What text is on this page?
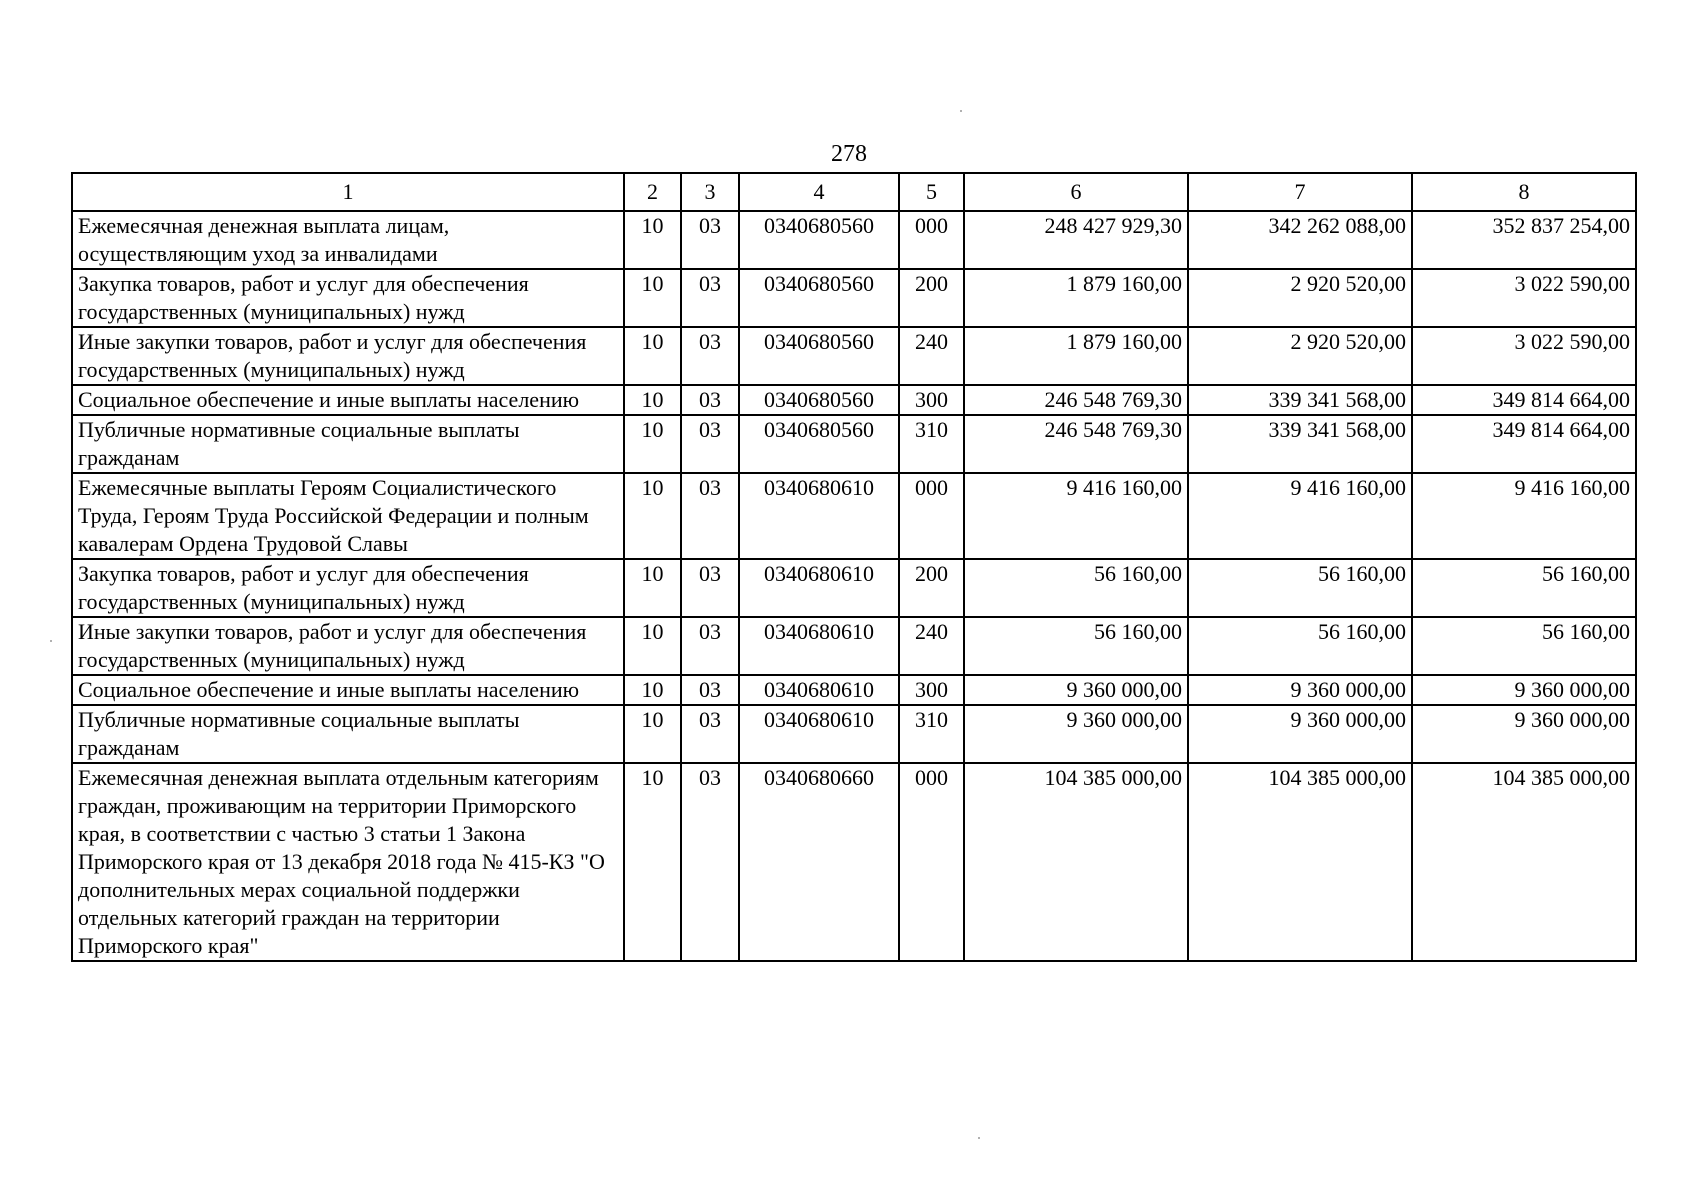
278
1	2	3	4	5	6	7	8
Ежемесячная денежная выплата лицам, осуществляющим уход за инвалидами	10	03	0340680560	000	248 427 929,30	342 262 088,00	352 837 254,00
Закупка товаров, работ и услуг для обеспечения государственных (муниципальных) нужд	10	03	0340680560	200	1 879 160,00	2 920 520,00	3 022 590,00
Иные закупки товаров, работ и услуг для обеспечения государственных (муниципальных) нужд	10	03	0340680560	240	1 879 160,00	2 920 520,00	3 022 590,00
Социальное обеспечение и иные выплаты населению	10	03	0340680560	300	246 548 769,30	339 341 568,00	349 814 664,00
Публичные нормативные социальные выплаты гражданам	10	03	0340680560	310	246 548 769,30	339 341 568,00	349 814 664,00
Ежемесячные выплаты Героям Социалистического Труда, Героям Труда Российской Федерации и полным кавалерам Ордена Трудовой Славы	10	03	0340680610	000	9 416 160,00	9 416 160,00	9 416 160,00
Закупка товаров, работ и услуг для обеспечения государственных (муниципальных) нужд	10	03	0340680610	200	56 160,00	56 160,00	56 160,00
Иные закупки товаров, работ и услуг для обеспечения государственных (муниципальных) нужд	10	03	0340680610	240	56 160,00	56 160,00	56 160,00
Социальное обеспечение и иные выплаты населению	10	03	0340680610	300	9 360 000,00	9 360 000,00	9 360 000,00
Публичные нормативные социальные выплаты гражданам	10	03	0340680610	310	9 360 000,00	9 360 000,00	9 360 000,00
Ежемесячная денежная выплата отдельным категориям граждан, проживающим на территории Приморского края, в соответствии с частью 3 статьи 1 Закона Приморского края от 13 декабря 2018 года № 415-КЗ "О дополнительных мерах социальной поддержки отдельных категорий граждан на территории Приморского края"	10	03	0340680660	000	104 385 000,00	104 385 000,00	104 385 000,00
